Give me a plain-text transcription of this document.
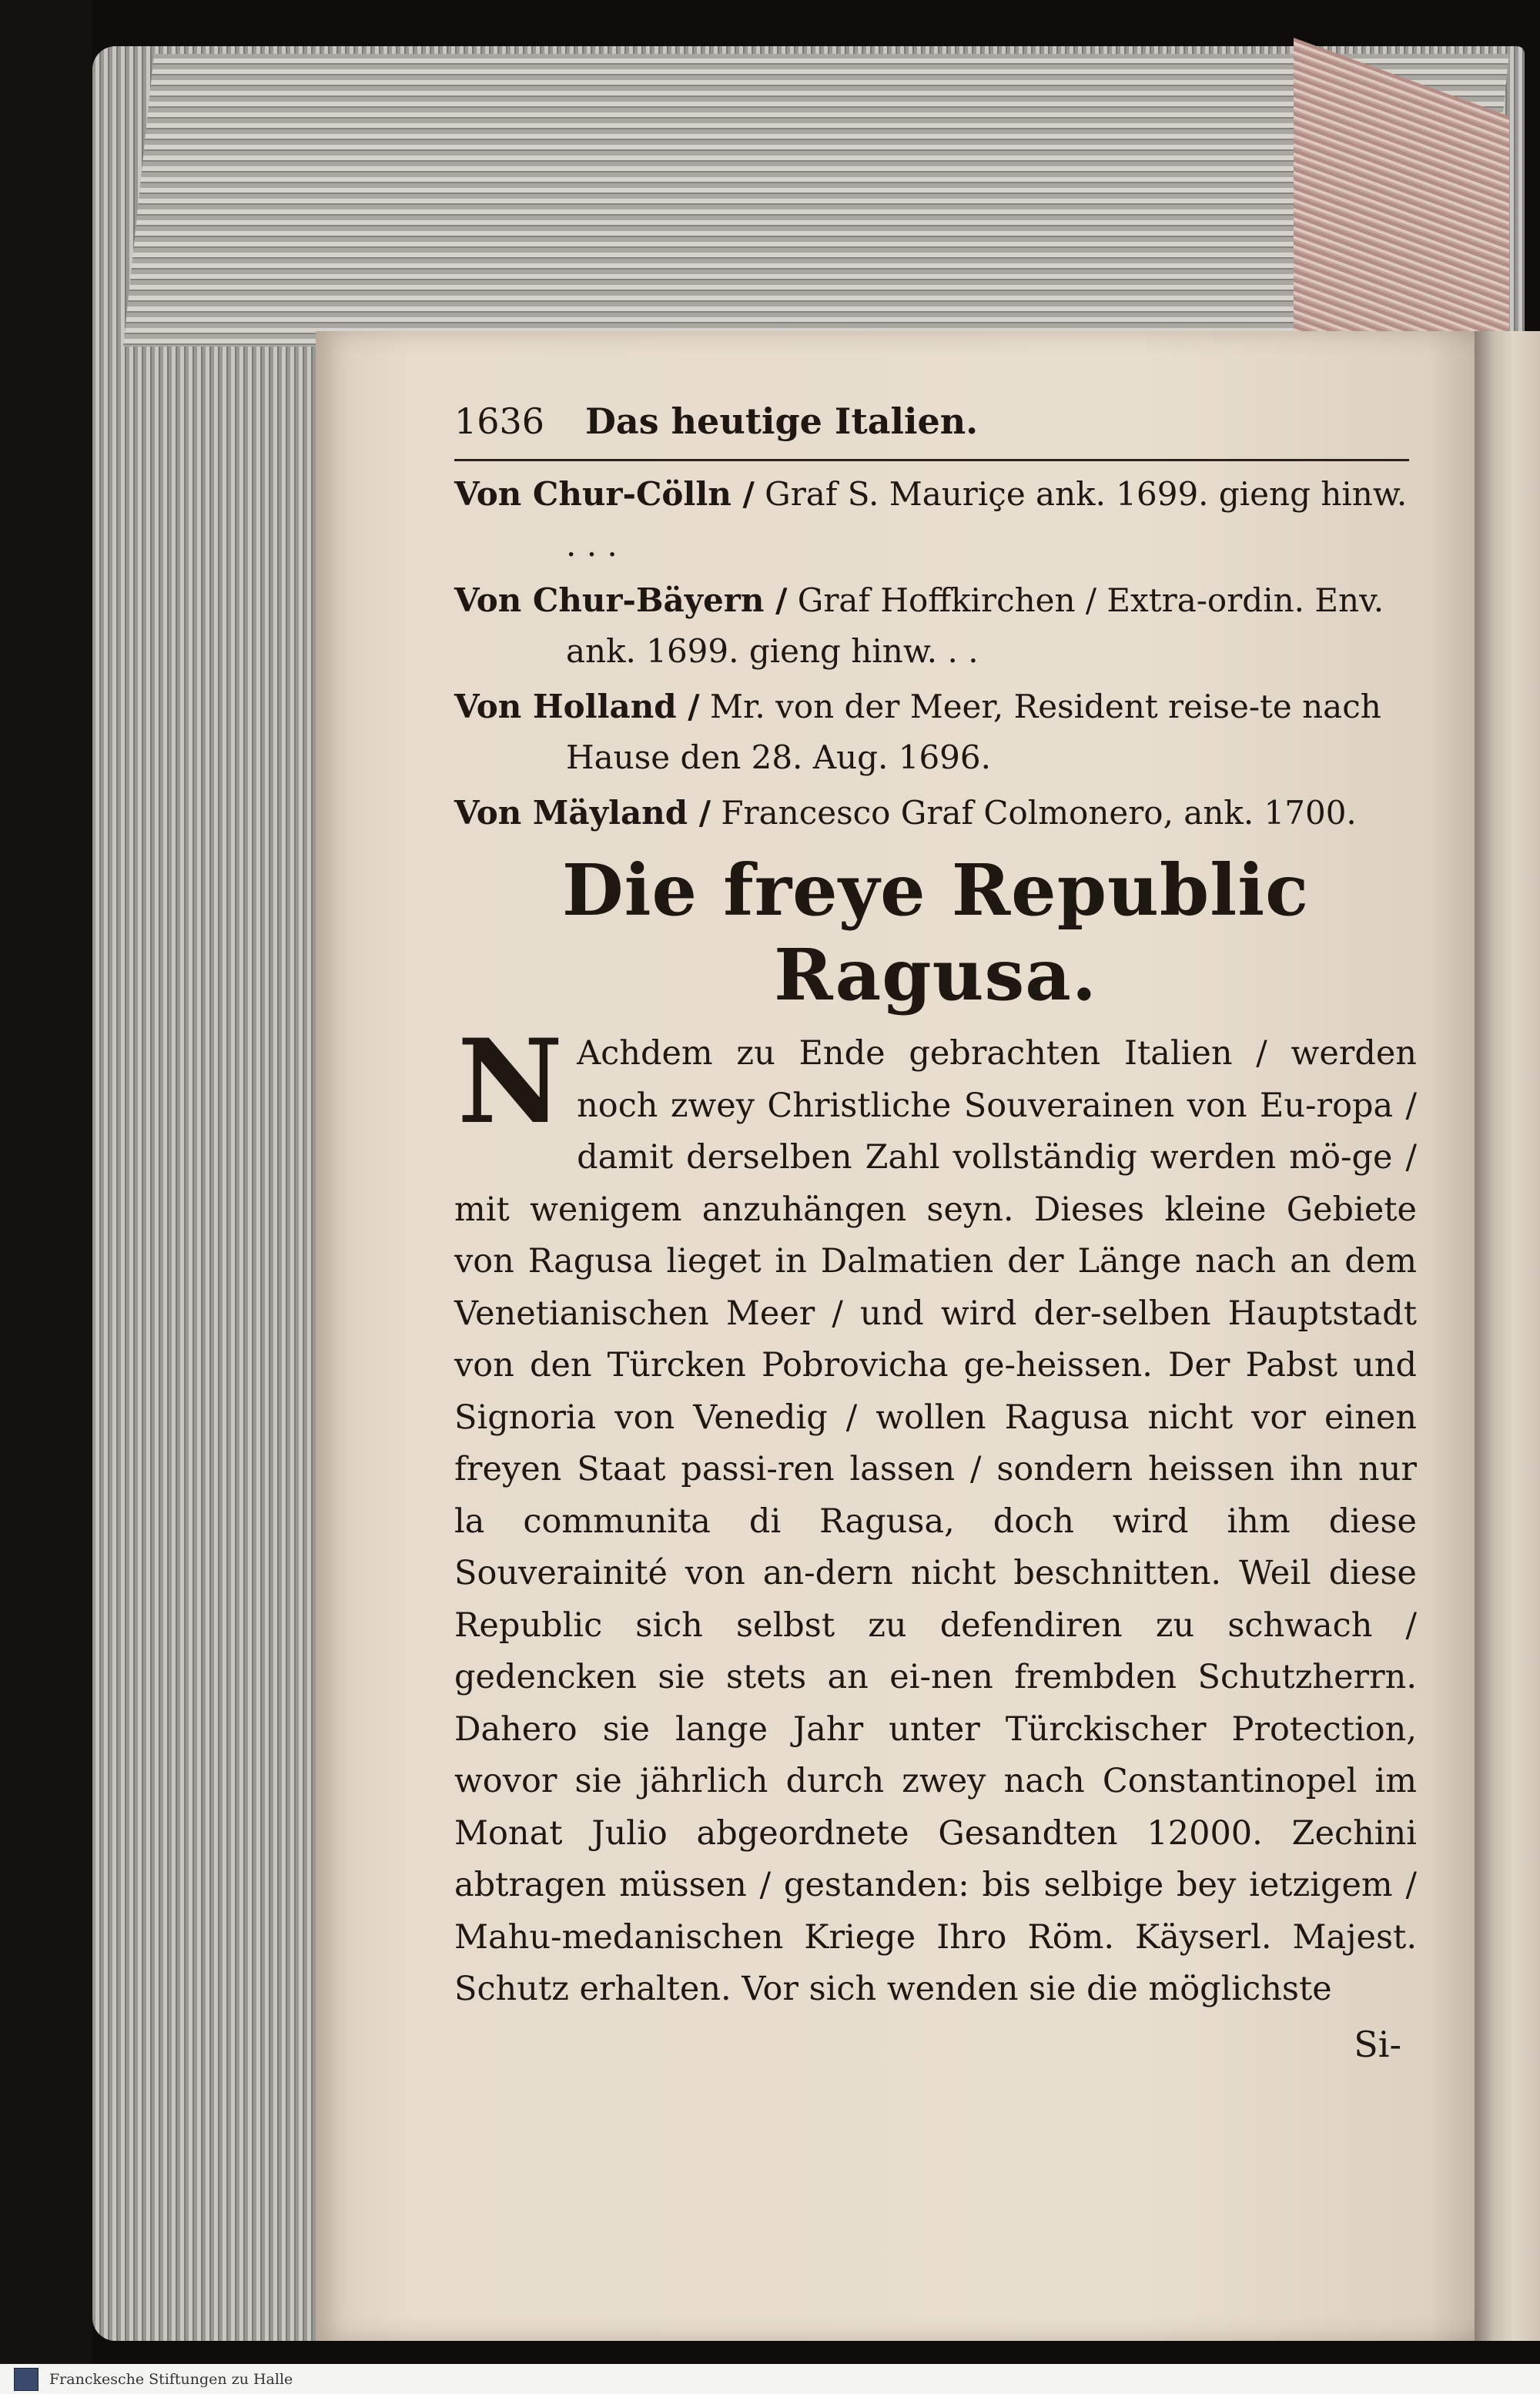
1636	Das heutige Italien.

Von Chur-Cölln / Graf S. Mauriçe ank. 1699. gieng hinw. . . .

Von Chur-Bäyern / Graf Hoffkirchen / Extra-ordin. Env. ank. 1699. gieng hinw. . .

Von Holland / Mr. von der Meer, Resident reise-te nach Hause den 28. Aug. 1696.

Von Mäyland / Francesco Graf Colmonero, ank. 1700.

Die freye Republic Ragusa.

N Achdem zu Ende gebrachten Italien / werden noch zwey Christliche Souverainen von Eu-ropa / damit derselben Zahl vollständig werden mö-ge / mit wenigem anzuhängen seyn. Dieses kleine Gebiete von Ragusa lieget in Dalmatien der Länge nach an dem Venetianischen Meer / und wird der-selben Hauptstadt von den Türcken Pobrovicha ge-heissen. Der Pabst und Signoria von Venedig / wollen Ragusa nicht vor einen freyen Staat passi-ren lassen / sondern heissen ihn nur la communita di Ragusa, doch wird ihm diese Souverainité von an-dern nicht beschnitten. Weil diese Republic sich selbst zu defendiren zu schwach / gedencken sie stets an ei-nen frembden Schutzherrn. Dahero sie lange Jahr unter Türckischer Protection, wovor sie jährlich durch zwey nach Constantinopel im Monat Julio abgeordnete Gesandten 12000. Zechini abtragen müssen / gestanden: bis selbige bey ietzigem / Mahu-medanischen Kriege Ihro Röm. Käyserl. Majest. Schutz erhalten. Vor sich wenden sie die möglichste

Si-
Franckesche Stiftungen zu Halle
